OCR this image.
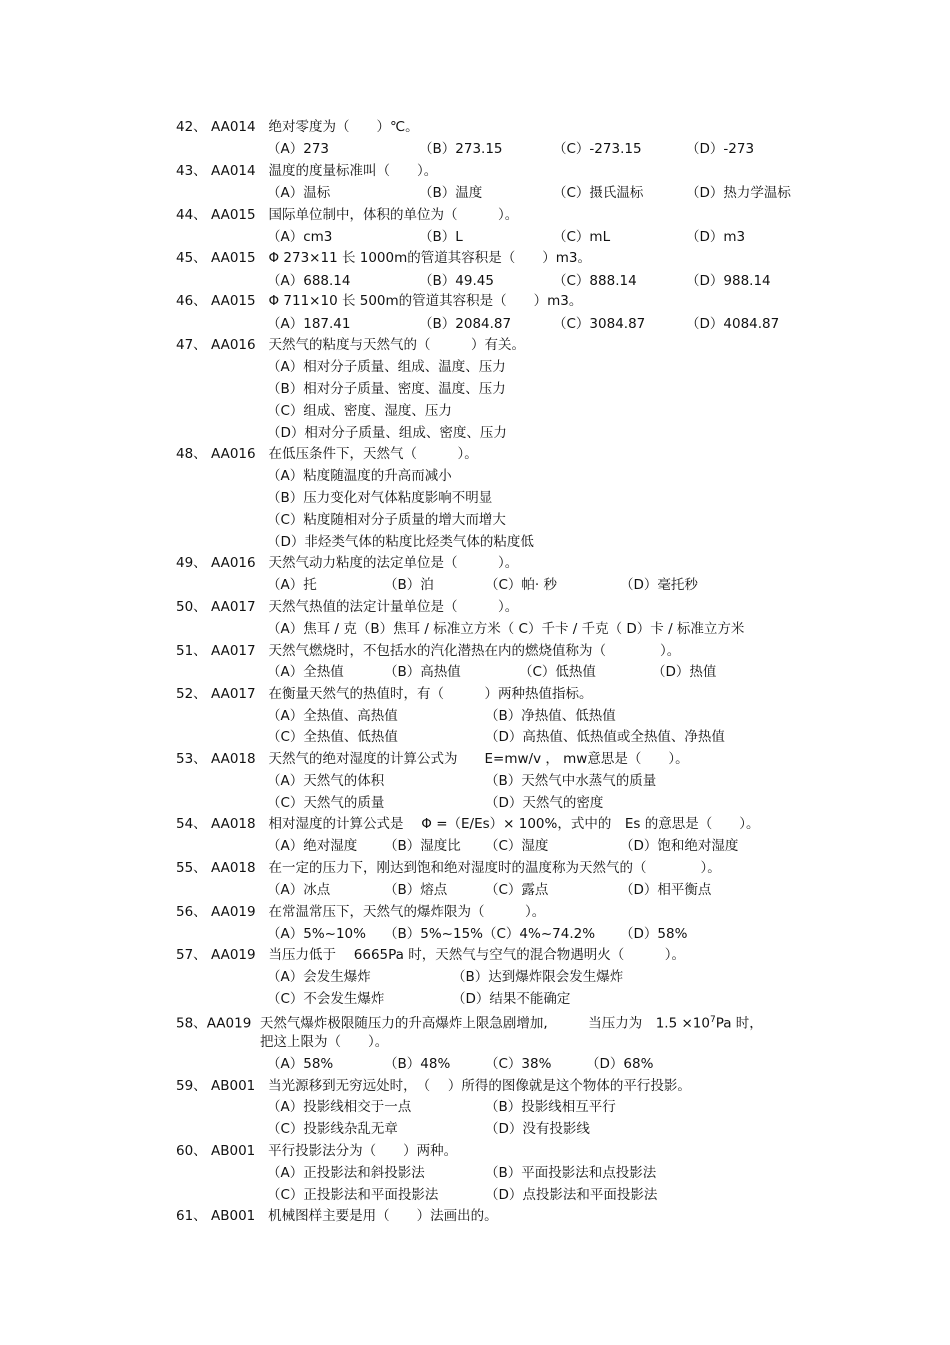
42、 AA014 绝对零度为（　　）℃。
（A）273	（B）273.15	（C）-273.15	（D）-273
43、 AA014 温度的度量标准叫（　　）。
（A）温标	（B）温度	（C）摄氏温标	（D）热力学温标
44、 AA015 国际单位制中，体积的单位为（　　　）。
（A）cm3	（B）L	（C）mL	（D）m3
45、 AA015 Φ 273×11 长 1000m的管道其容积是（　　）m3。
（A）688.14	（B）49.45	（C）888.14	（D）988.14
46、 AA015 Φ 711×10 长 500m的管道其容积是（　　）m3。
（A）187.41	（B）2084.87	（C）3084.87	（D）4084.87
47、 AA016 天然气的粘度与天然气的（　　　）有关。
（A）相对分子质量、组成、温度、压力
（B）相对分子质量、密度、温度、压力
（C）组成、密度、湿度、压力
（D）相对分子质量、组成、密度、压力
48、 AA016 在低压条件下，天然气（　　　）。
（A）粘度随温度的升高而减小
（B）压力变化对气体粘度影响不明显
（C）粘度随相对分子质量的增大而增大
（D）非烃类气体的粘度比烃类气体的粘度低
49、 AA016 天然气动力粘度的法定单位是（　　　）。
（A）托	（B）泊	（C）帕· 秒	（D）毫托秒
50、 AA017 天然气热值的法定计量单位是（　　　）。
（A）焦耳 / 克（B）焦耳 / 标准立方米（ C）千卡 / 千克（ D）卡 / 标准立方米
51、 AA017 天然气燃烧时，不包括水的汽化潜热在内的燃烧值称为（　　　　）。
（A）全热值	（B）高热值	（C）低热值	（D）热值
52、 AA017 在衡量天然气的热值时，有（　　　）两种热值指标。
（A）全热值、高热值	（B）净热值、低热值
（C）全热值、低热值	（D）高热值、低热值或全热值、净热值
53、 AA018 天然气的绝对湿度的计算公式为　　E=mw/v ， mw意思是（　　）。
（A）天然气的体积	（B）天然气中水蒸气的质量
（C）天然气的质量	（D）天然气的密度
54、 AA018 相对湿度的计算公式是　 Φ =（E/Es）× 100%，式中的　Es 的意思是（　　）。
（A）绝对湿度 （B）湿度比 （C）湿度	（D）饱和绝对湿度
55、 AA018 在一定的压力下，刚达到饱和绝对湿度时的温度称为天然气的（　　　　）。
（A）冰点	（B）熔点	（C）露点	（D）相平衡点
56、 AA019 在常温常压下，天然气的爆炸限为（　　　）。
（A）5%~10% （B）5%~15%（C）4%~74.2% （D）58%
57、 AA019 当压力低于　 6665Pa 时，天然气与空气的混合物遇明火（　　　）。
（A）会发生爆炸	（B）达到爆炸限会发生爆炸
（C）不会发生爆炸	（D）结果不能确定
58、AA019 天然气爆炸极限随压力的升高爆炸上限急剧增加,　　　当压力为　$1.5 \times 10^7Pa$ 时，
把这上限为（　　）。
（A）58%	（B）48%	（C）38%	（D）68%
59、 AB001 当光源移到无穷远处时，　（　 ）所得的图像就是这个物体的平行投影。
（A）投影线相交于一点	（B）投影线相互平行
（C）投影线杂乱无章	（D）没有投影线
60、 AB001 平行投影法分为（　　）两种。
（A）正投影法和斜投影法	（B）平面投影法和点投影法
（C）正投影法和平面投影法	（D）点投影法和平面投影法
61、 AB001 机械图样主要是用（　　）法画出的。
